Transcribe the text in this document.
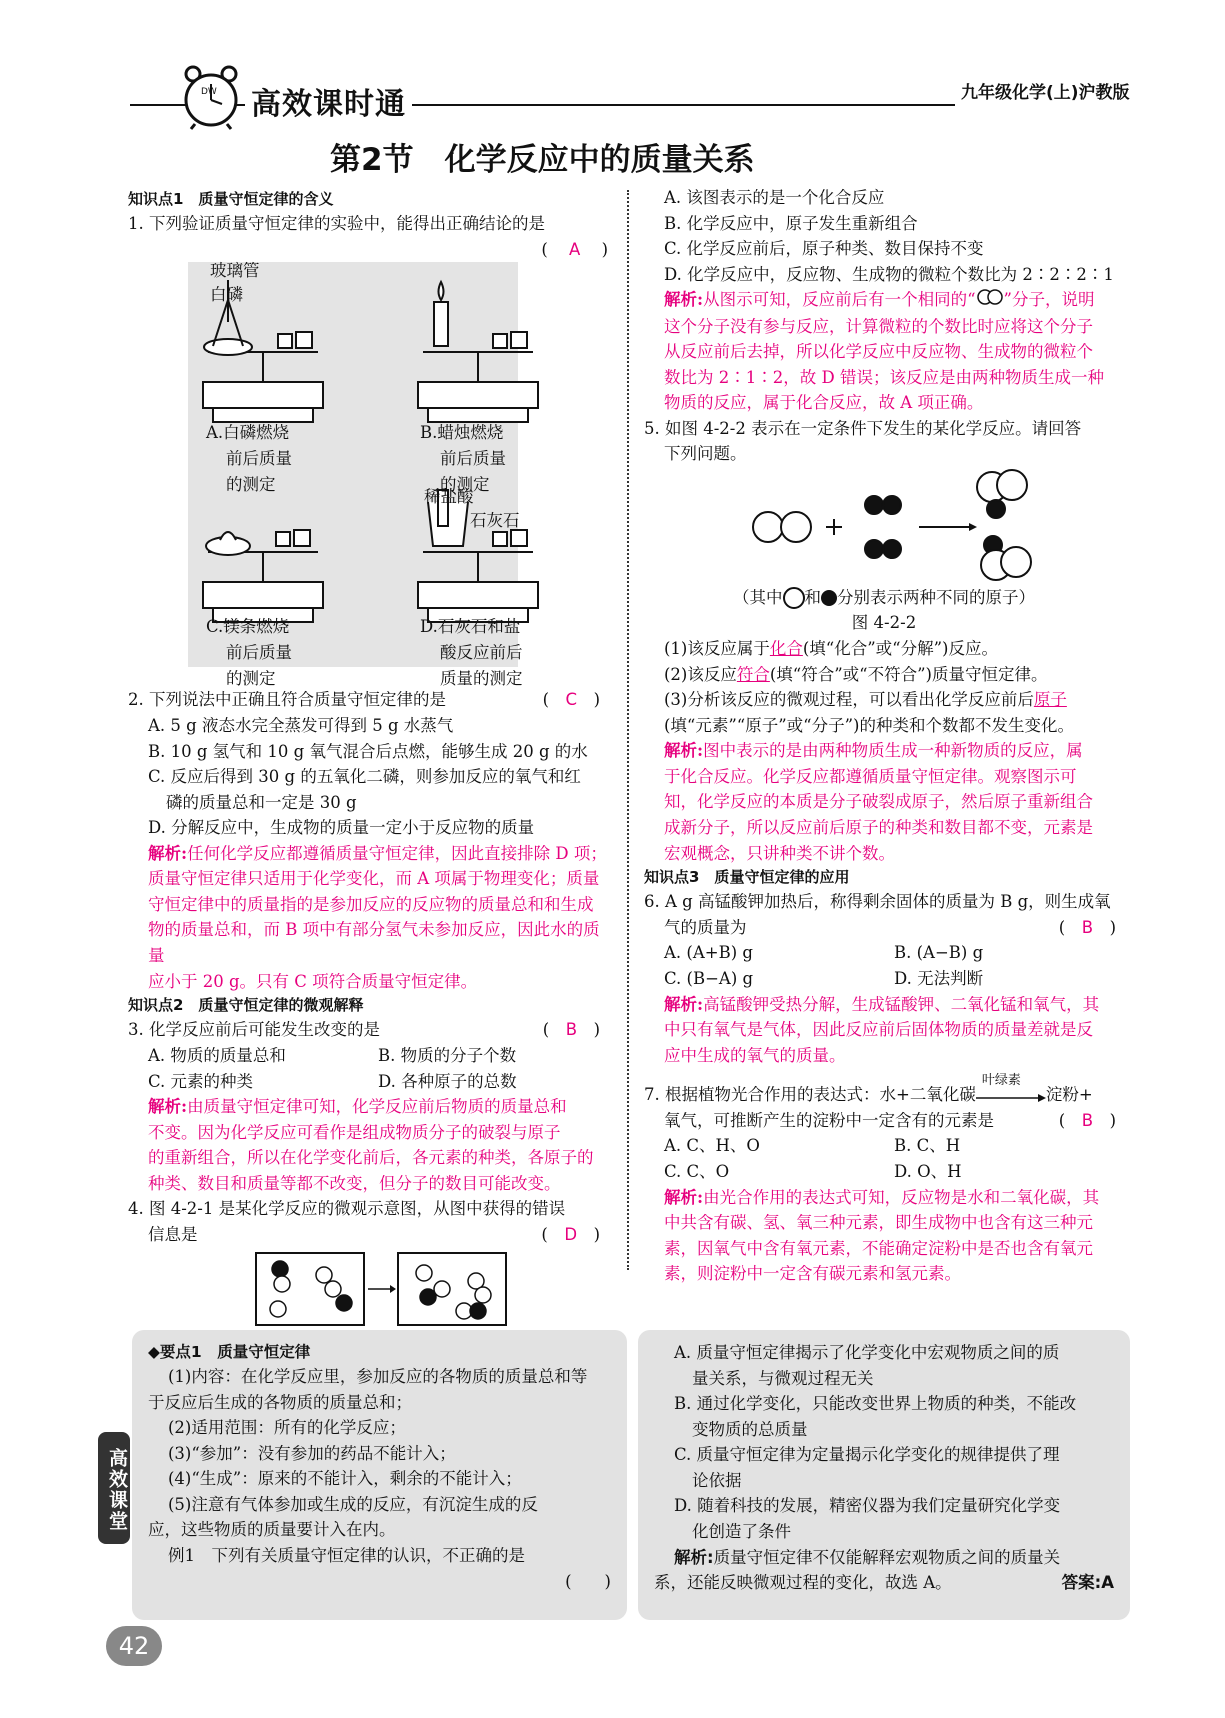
DW 高效课时通	九年级化学(上)沪教版
第2节　化学反应中的质量关系

知识点1　质量守恒定律的含义

1. 下列验证质量守恒定律的实验中，能得出正确结论的是

( A )

玻璃管
白磷

A.白磷燃烧

前后质量

的测定

B.蜡烛燃烧

前后质量

的测定

稀盐酸
石灰石

C.镁条燃烧

前后质量

的测定

D.石灰石和盐

酸反应前后

质量的测定

2. 下列说法中正确且符合质量守恒定律的是	(　C　)

A. 5 g 液态水完全蒸发可得到 5 g 水蒸气

B. 10 g 氢气和 10 g 氧气混合后点燃，能够生成 20 g 的水

C. 反应后得到 30 g 的五氧化二磷，则参加反应的氧气和红

磷的质量总和一定是 30 g

D. 分解反应中，生成物的质量一定小于反应物的质量

解析:任何化学反应都遵循质量守恒定律，因此直接排除 D 项；

质量守恒定律只适用于化学变化，而 A 项属于物理变化；质量

守恒定律中的质量指的是参加反应的反应物的质量总和和生成

物的质量总和，而 B 项中有部分氢气未参加反应，因此水的质量

应小于 20 g。只有 C 项符合质量守恒定律。

知识点2　质量守恒定律的微观解释

3. 化学反应前后可能发生改变的是	(　B　)

A. 物质的质量总和	B. 物质的分子个数
C. 元素的种类	D. 各种原子的总数

解析:由质量守恒定律可知，化学反应前后物质的质量总和

不变。因为化学反应可看作是组成物质分子的破裂与原子

的重新组合，所以在化学变化前后，各元素的种类，各原子的

种类、数目和质量等都不改变，但分子的数目可能改变。

4. 图 4-2-1 是某化学反应的微观示意图，从图中获得的错误

信息是	(　D　)

A. 该图表示的是一个化合反应

B. 化学反应中，原子发生重新组合

C. 化学反应前后，原子种类、数目保持不变

D. 化学反应中，反应物、生成物的微粒个数比为 2∶2∶2∶1

解析:从图示可知，反应前后有一个相同的“ ”分子，说明

这个分子没有参与反应，计算微粒的个数比时应将这个分子

从反应前后去掉，所以化学反应中反应物、生成物的微粒个

数比为 2∶1∶2，故 D 错误；该反应是由两种物质生成一种

物质的反应，属于化合反应，故 A 项正确。

5. 如图 4-2-2 表示在一定条件下发生的某化学反应。请回答

下列问题。

（其中 和 分别表示两种不同的原子）

图 4-2-2

(1)该反应属于化合(填“化合”或“分解”)反应。

(2)该反应符合(填“符合”或“不符合”)质量守恒定律。

(3)分析该反应的微观过程，可以看出化学反应前后原子

(填“元素”“原子”或“分子”)的种类和个数都不发生变化。

解析:图中表示的是由两种物质生成一种新物质的反应，属

于化合反应。化学反应都遵循质量守恒定律。观察图示可

知，化学反应的本质是分子破裂成原子，然后原子重新组合

成新分子，所以反应前后原子的种类和数目都不变，元素是

宏观概念，只讲种类不讲个数。

知识点3　质量守恒定律的应用

6. A g 高锰酸钾加热后，称得剩余固体的质量为 B g，则生成氧

气的质量为	(　B　)

A. (A+B) g	B. (A−B) g
C. (B−A) g	D. 无法判断

解析:高锰酸钾受热分解，生成锰酸钾、二氧化锰和氧气，其

中只有氧气是气体，因此反应前后固体物质的质量差就是反

应中生成的氧气的质量。

7. 根据植物光合作用的表达式：水+二氧化碳
叶绿素
淀粉+

氧气，可推断产生的淀粉中一定含有的元素是	(　B　)

A. C、H、O	B. C、H
C. C、O	D. O、H

解析:由光合作用的表达式可知，反应物是水和二氧化碳，其

中共含有碳、氢、氧三种元素，即生成物中也含有这三种元

素，因氧气中含有氧元素，不能确定淀粉中是否也含有氧元

素，则淀粉中一定含有碳元素和氢元素。

高效课堂

◆要点1　质量守恒定律

(1)内容：在化学反应里，参加反应的各物质的质量总和等

于反应后生成的各物质的质量总和；

(2)适用范围：所有的化学反应；

(3)“参加”：没有参加的药品不能计入；

(4)“生成”：原来的不能计入，剩余的不能计入；

(5)注意有气体参加或生成的反应，有沉淀生成的反

应，这些物质的质量要计入在内。

例1　下列有关质量守恒定律的认识，不正确的是

(　　)

A. 质量守恒定律揭示了化学变化中宏观物质之间的质

量关系，与微观过程无关

B. 通过化学变化，只能改变世界上物质的种类，不能改

变物质的总质量

C. 质量守恒定律为定量揭示化学变化的规律提供了理

论依据

D. 随着科技的发展，精密仪器为我们定量研究化学变

化创造了条件

解析:质量守恒定律不仅能解释宏观物质之间的质量关

系，还能反映微观过程的变化，故选 A。	答案:A

42
